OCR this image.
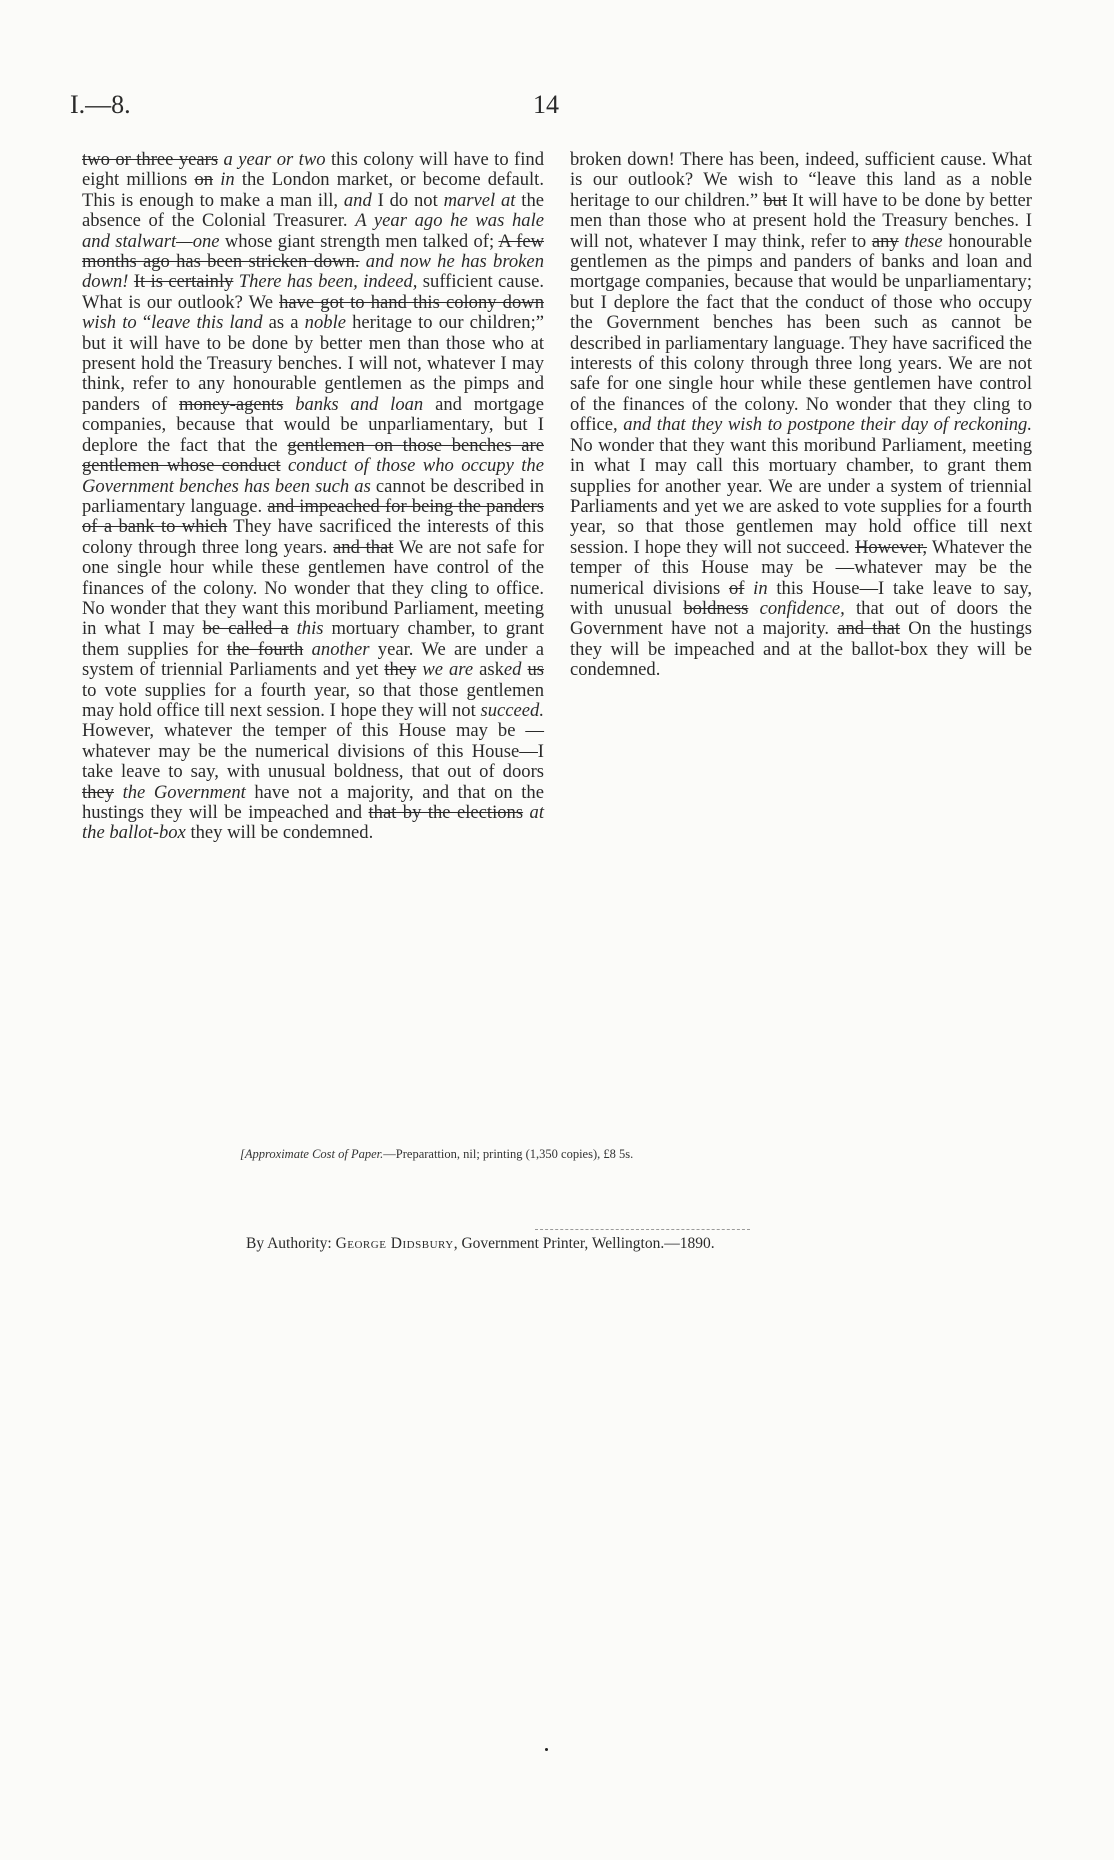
I.—8.	14

two or three years a year or two this colony will have to find eight millions on in the London market, or become default. This is enough to make a man ill, and I do not marvel at the absence of the Colonial Treasurer. A year ago he was hale and stalwart—one whose giant strength men talked of; A few months ago has been stricken down. and now he has broken down! It is certainly There has been, indeed, sufficient cause. What is our outlook? We have got to hand this colony down wish to “leave this land as a noble heritage to our children;” but it will have to be done by better men than those who at present hold the Treasury benches. I will not, whatever I may think, refer to any honourable gentlemen as the pimps and panders of money-agents banks and loan and mortgage companies, because that would be unparliamentary, but I deplore the fact that the gentlemen on those benches are gentlemen whose conduct conduct of those who occupy the Government benches has been such as cannot be described in parliamentary language. and impeached for being the panders of a bank to which They have sacrificed the interests of this colony through three long years. and that We are not safe for one single hour while these gentlemen have control of the finances of the colony. No wonder that they cling to office. No wonder that they want this moribund Parliament, meeting in what I may be called a this mortuary chamber, to grant them supplies for the fourth another year. We are under a system of triennial Parliaments and yet they we are asked us to vote supplies for a fourth year, so that those gentlemen may hold office till next session. I hope they will not succeed. However, whatever the temper of this House may be —whatever may be the numerical divisions of this House—I take leave to say, with unusual boldness, that out of doors they the Government have not a majority, and that on the hustings they will be impeached and that by the elections at the ballot-box they will be condemned.

broken down! There has been, indeed, sufficient cause. What is our outlook? We wish to “leave this land as a noble heritage to our children.” but It will have to be done by better men than those who at present hold the Treasury benches. I will not, whatever I may think, refer to any these honourable gentlemen as the pimps and panders of banks and loan and mortgage companies, because that would be unparliamentary; but I deplore the fact that the conduct of those who occupy the Government benches has been such as cannot be described in parliamentary language. They have sacrificed the interests of this colony through three long years. We are not safe for one single hour while these gentlemen have control of the finances of the colony. No wonder that they cling to office, and that they wish to postpone their day of reckoning. No wonder that they want this moribund Parliament, meeting in what I may call this mortuary chamber, to grant them supplies for another year. We are under a system of triennial Parliaments and yet we are asked to vote supplies for a fourth year, so that those gentlemen may hold office till next session. I hope they will not succeed. However, Whatever the temper of this House may be —whatever may be the numerical divisions of in this House—I take leave to say, with unusual boldness confidence, that out of doors the Government have not a majority. and that On the hustings they will be impeached and at the ballot-box they will be condemned.

[Approximate Cost of Paper.—Preparattion, nil; printing (1,350 copies), £8 5s.
By Authority: George Didsbury, Government Printer, Wellington.—1890.
